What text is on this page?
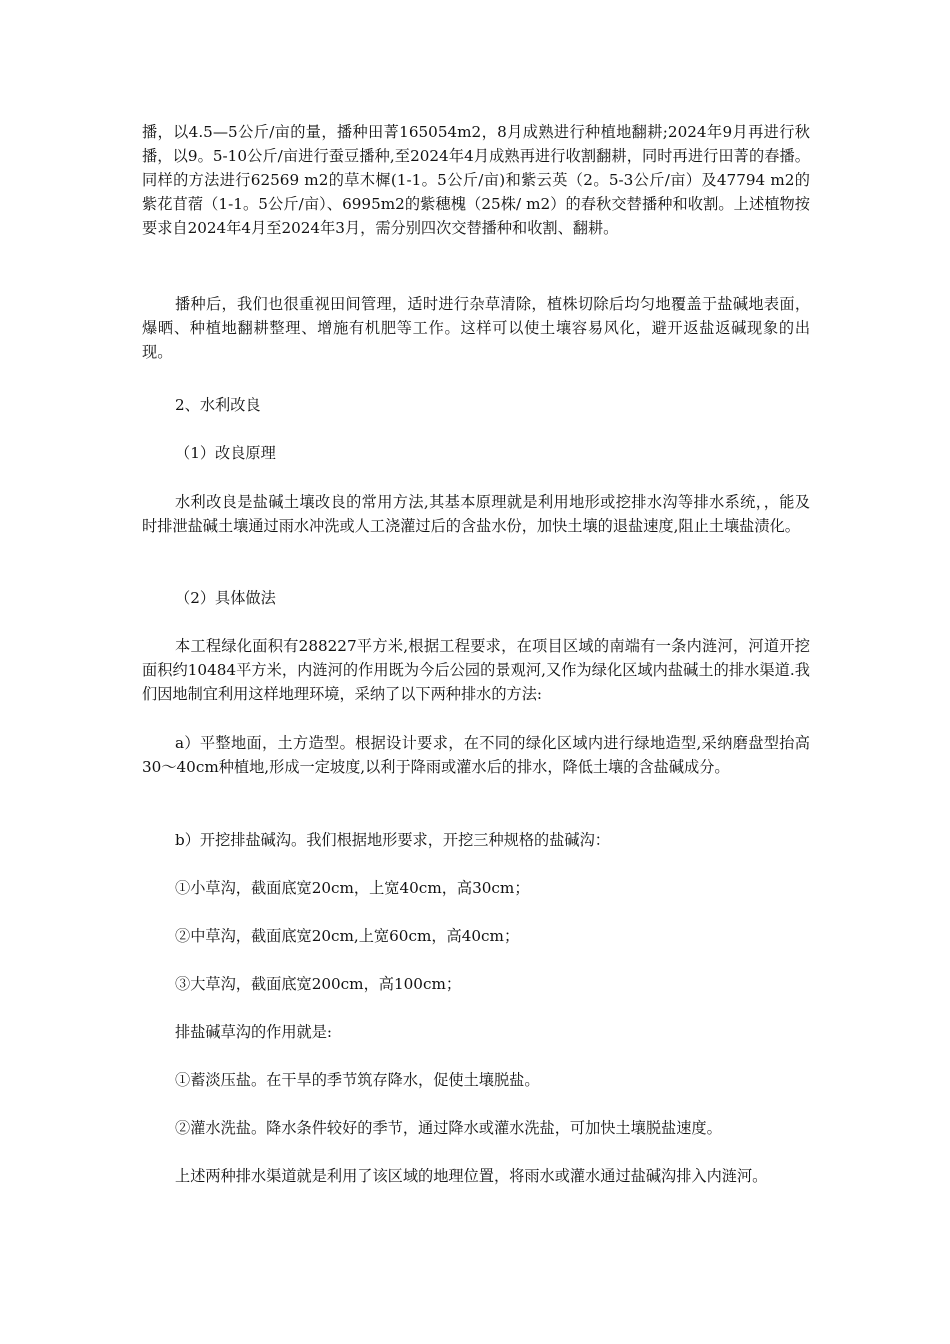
播，以4.5—5公斤/亩的量，播种田菁165054m2，8月成熟进行种植地翻耕;2024年9月再进行秋播，以9。5-10公斤/亩进行蚕豆播种,至2024年4月成熟再进行收割翻耕，同时再进行田菁的春播。同样的方法进行62569 m2的草木樨(1-1。5公斤/亩)和紫云英（2。5-3公斤/亩）及47794 m2的紫花苜蓿（1-1。5公斤/亩）、6995m2的紫穗槐（25株/ m2）的春秋交替播种和收割。上述植物按要求自2024年4月至2024年3月，需分别四次交替播种和收割、翻耕。

播种后，我们也很重视田间管理，适时进行杂草清除，植株切除后均匀地覆盖于盐碱地表面，爆晒、种植地翻耕整理、增施有机肥等工作。这样可以使土壤容易风化，避开返盐返碱现象的出现。

2、水利改良

（1）改良原理

水利改良是盐碱土壤改良的常用方法,其基本原理就是利用地形或挖排水沟等排水系统，，能及时排泄盐碱土壤通过雨水冲洗或人工浇灌过后的含盐水份，加快土壤的退盐速度,阻止土壤盐渍化。

（2）具体做法

本工程绿化面积有288227平方米,根据工程要求，在项目区域的南端有一条内涟河，河道开挖面积约10484平方米，内涟河的作用既为今后公园的景观河,又作为绿化区域内盐碱土的排水渠道.我们因地制宜利用这样地理环境，采纳了以下两种排水的方法:

a）平整地面，土方造型。根据设计要求，在不同的绿化区域内进行绿地造型,采纳磨盘型抬高30～40cm种植地,形成一定坡度,以利于降雨或灌水后的排水，降低土壤的含盐碱成分。

b）开挖排盐碱沟。我们根据地形要求，开挖三种规格的盐碱沟：

①小草沟，截面底宽20cm，上宽40cm，高30cm；

②中草沟，截面底宽20cm,上宽60cm，高40cm；

③大草沟，截面底宽200cm，高100cm；

排盐碱草沟的作用就是:

①蓄淡压盐。在干旱的季节筑存降水，促使土壤脱盐。

②灌水洗盐。降水条件较好的季节，通过降水或灌水洗盐，可加快土壤脱盐速度。

上述两种排水渠道就是利用了该区域的地理位置，将雨水或灌水通过盐碱沟排入内涟河。
